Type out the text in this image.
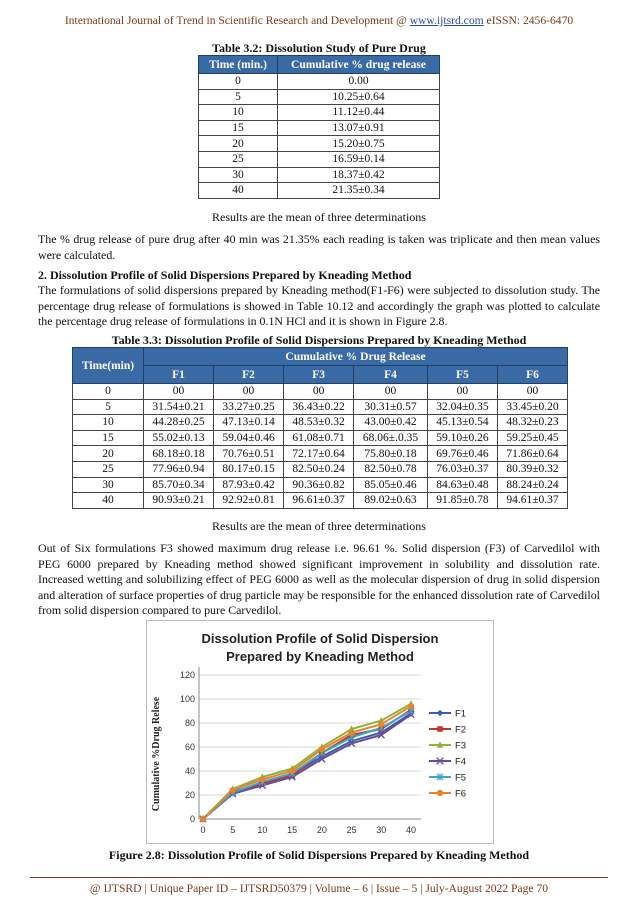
International Journal of Trend in Scientific Research and Development @ www.ijtsrd.com eISSN: 2456-6470
Table 3.2: Dissolution Study of Pure Drug
Time (min.)	Cumulative % drug release
0	0.00
5	10.25±0.64
10	11.12±0.44
15	13.07±0.91
20	15.20±0.75
25	16.59±0.14
30	18.37±0.42
40	21.35±0.34
Results are the mean of three determinations
The % drug release of pure drug after 40 min was 21.35% each reading is taken was triplicate and then mean values were calculated.
2. Dissolution Profile of Solid Dispersions Prepared by Kneading Method
The formulations of solid dispersions prepared by Kneading method(F1-F6) were subjected to dissolution study. The percentage drug release of formulations is showed in Table 10.12 and accordingly the graph was plotted to calculate the percentage drug release of formulations in 0.1N HCl and it is shown in Figure 2.8.
Table 3.3: Dissolution Profile of Solid Dispersions Prepared by Kneading Method
Time(min)	Cumulative % Drug Release					
	F1	F2	F3	F4	F5	F6
0	00	00	00	00	00	00
5	31.54±0.21	33.27±0.25	36.43±0.22	30.31±0.57	32.04±0.35	33.45±0.20
10	44.28±0.25	47.13±0.14	48.53±0.32	43.00±0.42	45.13±0.54	48.32±0.23
15	55.02±0.13	59.04±0.46	61.08±0.71	68.06±.0.35	59.10±0.26	59.25±0.45
20	68.18±0.18	70.76±0.51	72.17±0.64	75.80±0.18	69.76±0.46	71.86±0.64
25	77.96±0.94	80.17±0.15	82.50±0.24	82.50±0.78	76.03±0.37	80.39±0.32
30	85.70±0.34	87.93±0.42	90.36±0.82	85.05±0.46	84.63±0.48	88.24±0.24
40	90.93±0.21	92.92±0.81	96.61±0.37	89.02±0.63	91.85±0.78	94.61±0.37
Results are the mean of three determinations
Out of Six formulations F3 showed maximum drug release i.e. 96.61 %. Solid dispersion (F3) of Carvedilol with PEG 6000 prepared by Kneading method showed significant improvement in solubility and dissolution rate. Increased wetting and solubilizing effect of PEG 6000 as well as the molecular dispersion of drug in solid dispersion and alteration of surface properties of drug particle may be responsible for the enhanced dissolution rate of Carvedilol from solid dispersion compared to pure Carvedilol.
Dissolution Profile of Solid Dispersion
Prepared by Kneading Method
Cumulative %Drug Relese
0
20
40
60
80
100
120
0	5 10 15 20 25 30 40
F1
F2
F3
F4
F5
F6
Figure 2.8: Dissolution Profile of Solid Dispersions Prepared by Kneading Method
@ IJTSRD | Unique Paper ID – IJTSRD50379 | Volume – 6 | Issue – 5 | July-August 2022 Page 70
